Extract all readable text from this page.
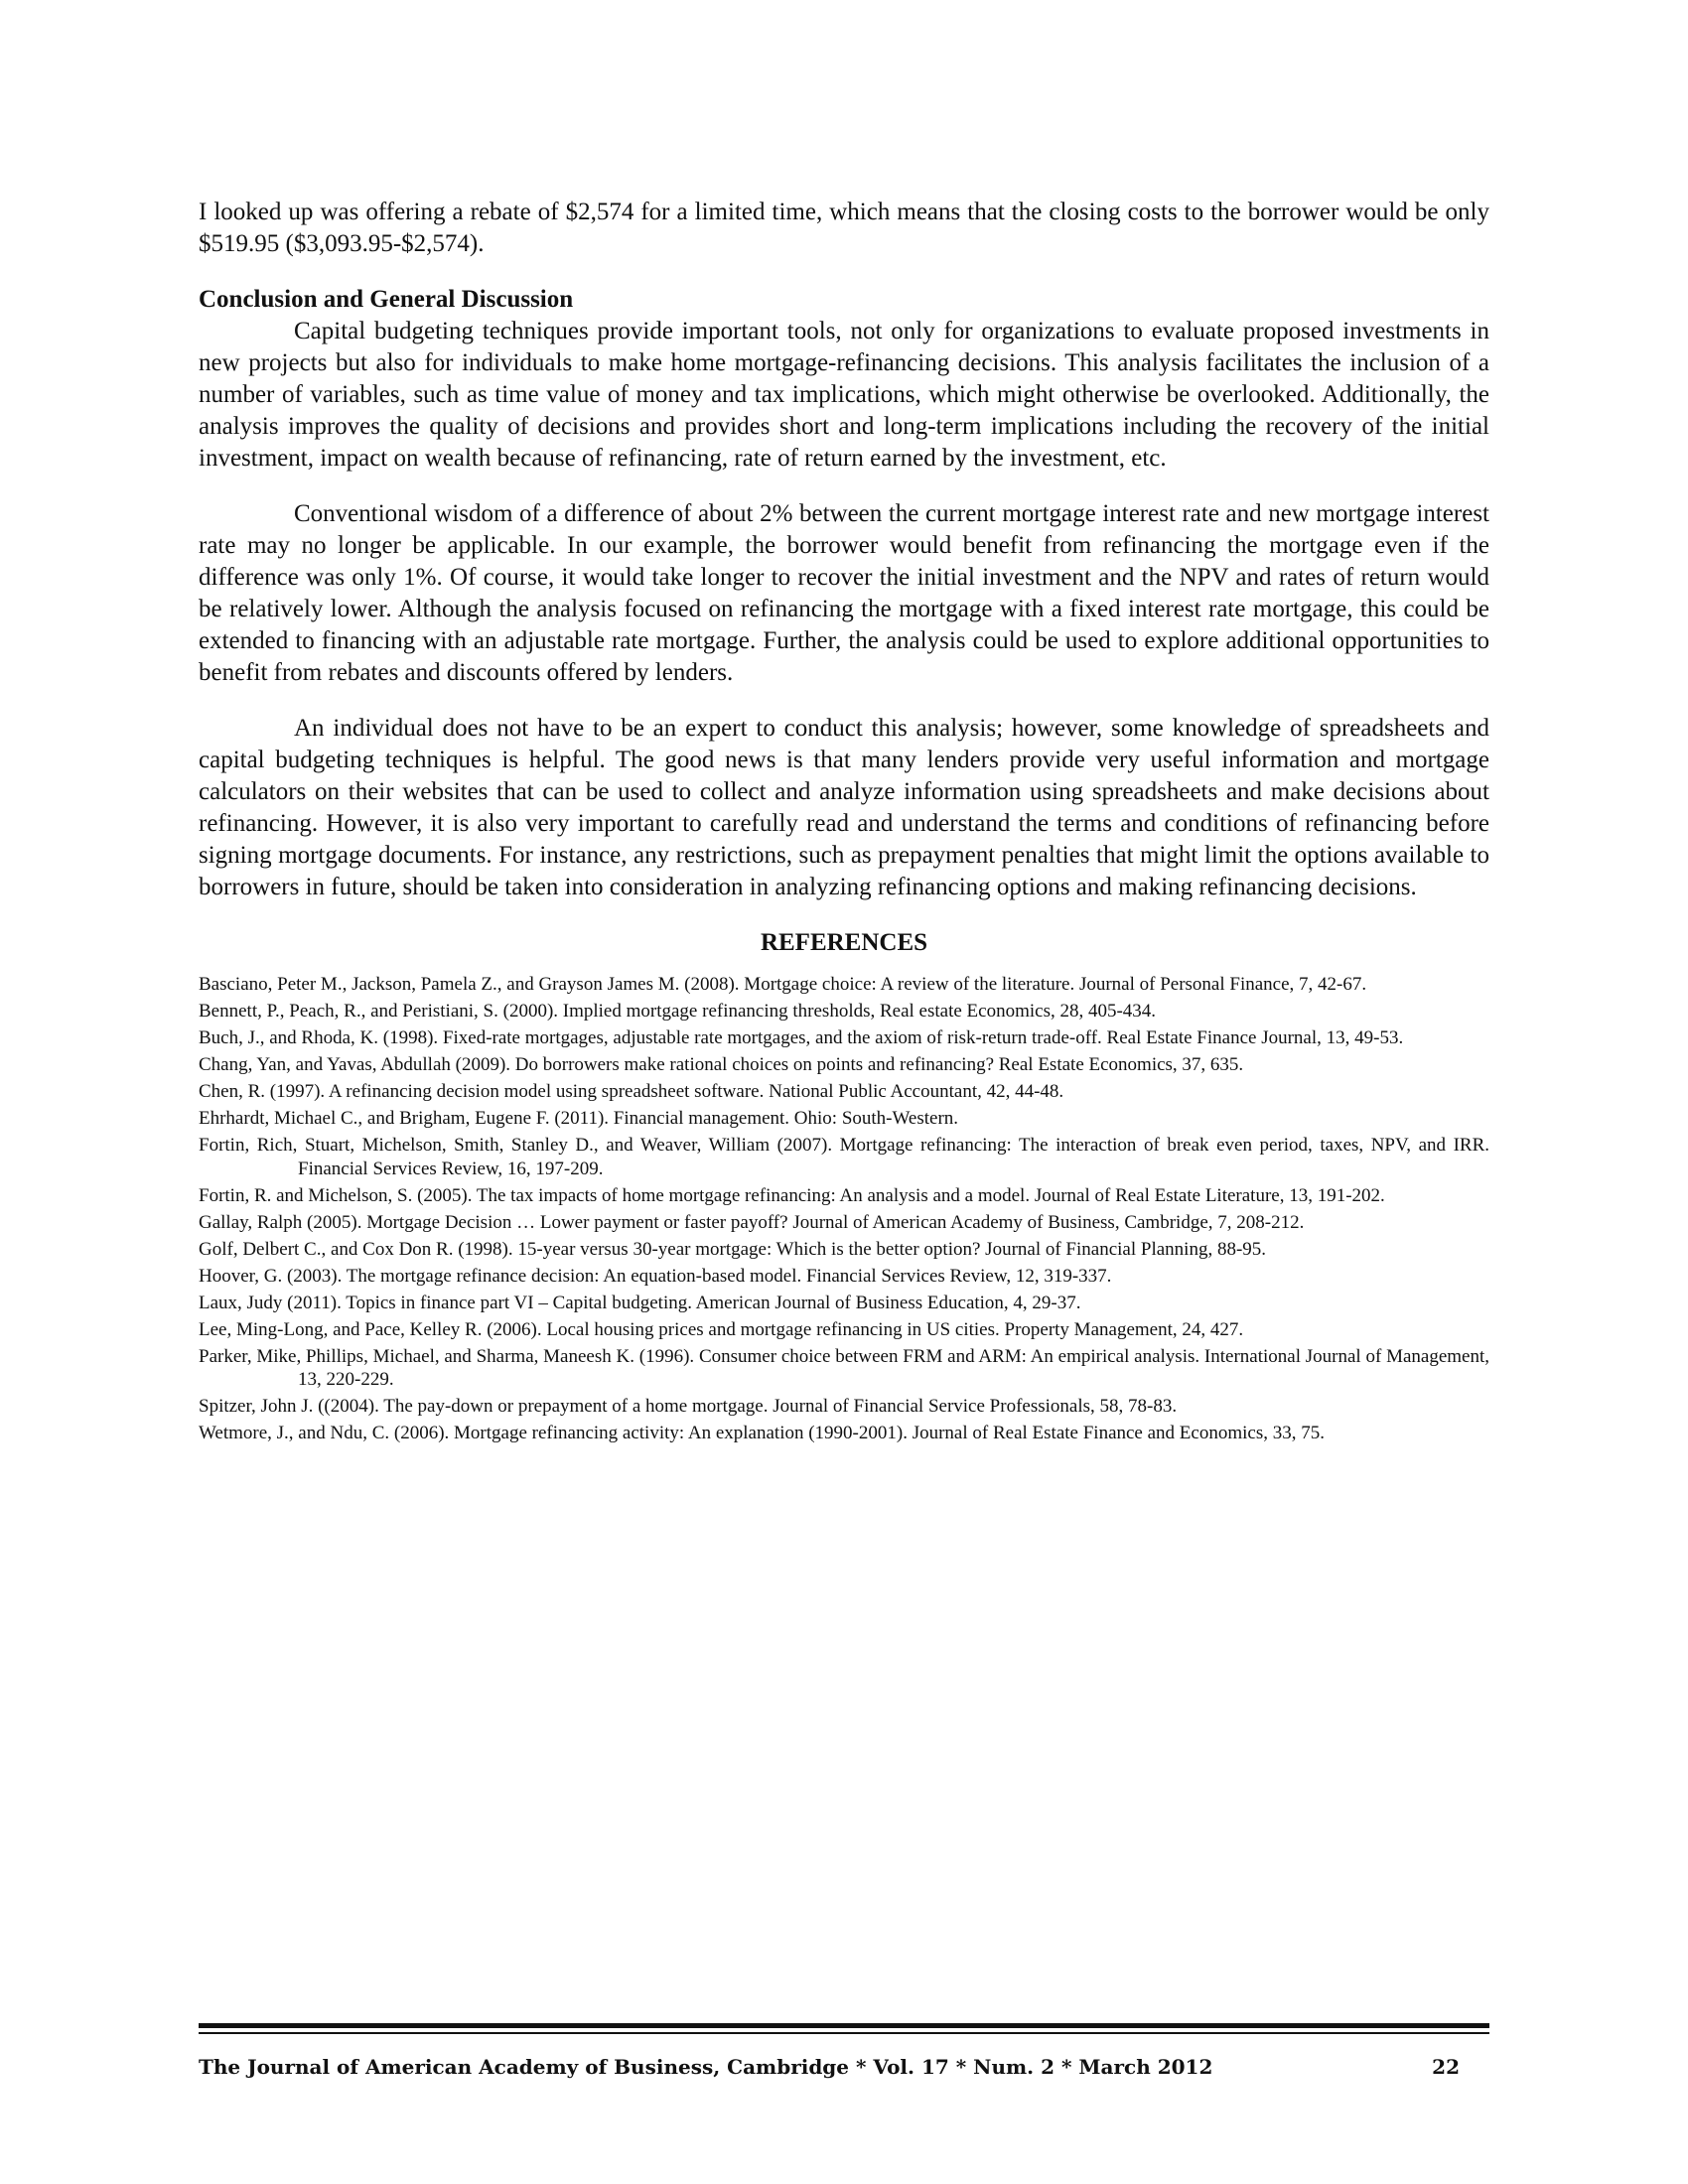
I looked up was offering a rebate of $2,574 for a limited time, which means that the closing costs to the borrower would be only $519.95 ($3,093.95-$2,574).

Conclusion and General Discussion

Capital budgeting techniques provide important tools, not only for organizations to evaluate proposed investments in new projects but also for individuals to make home mortgage-refinancing decisions. This analysis facilitates the inclusion of a number of variables, such as time value of money and tax implications, which might otherwise be overlooked. Additionally, the analysis improves the quality of decisions and provides short and long-term implications including the recovery of the initial investment, impact on wealth because of refinancing, rate of return earned by the investment, etc.

Conventional wisdom of a difference of about 2% between the current mortgage interest rate and new mortgage interest rate may no longer be applicable. In our example, the borrower would benefit from refinancing the mortgage even if the difference was only 1%. Of course, it would take longer to recover the initial investment and the NPV and rates of return would be relatively lower. Although the analysis focused on refinancing the mortgage with a fixed interest rate mortgage, this could be extended to financing with an adjustable rate mortgage. Further, the analysis could be used to explore additional opportunities to benefit from rebates and discounts offered by lenders.

An individual does not have to be an expert to conduct this analysis; however, some knowledge of spreadsheets and capital budgeting techniques is helpful. The good news is that many lenders provide very useful information and mortgage calculators on their websites that can be used to collect and analyze information using spreadsheets and make decisions about refinancing. However, it is also very important to carefully read and understand the terms and conditions of refinancing before signing mortgage documents. For instance, any restrictions, such as prepayment penalties that might limit the options available to borrowers in future, should be taken into consideration in analyzing refinancing options and making refinancing decisions.

REFERENCES
Basciano, Peter M., Jackson, Pamela Z., and Grayson James M. (2008). Mortgage choice: A review of the literature. Journal of Personal Finance, 7, 42-67.
Bennett, P., Peach, R., and Peristiani, S. (2000). Implied mortgage refinancing thresholds, Real estate Economics, 28, 405-434.
Buch, J., and Rhoda, K. (1998). Fixed-rate mortgages, adjustable rate mortgages, and the axiom of risk-return trade-off. Real Estate Finance Journal, 13, 49-53.
Chang, Yan, and Yavas, Abdullah (2009). Do borrowers make rational choices on points and refinancing? Real Estate Economics, 37, 635.
Chen, R. (1997). A refinancing decision model using spreadsheet software. National Public Accountant, 42, 44-48.
Ehrhardt, Michael C., and Brigham, Eugene F. (2011). Financial management. Ohio: South-Western.
Fortin, Rich, Stuart, Michelson, Smith, Stanley D., and Weaver, William (2007). Mortgage refinancing: The interaction of break even period, taxes, NPV, and IRR. Financial Services Review, 16, 197-209.
Fortin, R. and Michelson, S. (2005). The tax impacts of home mortgage refinancing: An analysis and a model. Journal of Real Estate Literature, 13, 191-202.
Gallay, Ralph (2005). Mortgage Decision … Lower payment or faster payoff? Journal of American Academy of Business, Cambridge, 7, 208-212.
Golf, Delbert C., and Cox Don R. (1998). 15-year versus 30-year mortgage: Which is the better option? Journal of Financial Planning, 88-95.
Hoover, G. (2003). The mortgage refinance decision: An equation-based model. Financial Services Review, 12, 319-337.
Laux, Judy (2011). Topics in finance part VI – Capital budgeting. American Journal of Business Education, 4, 29-37.
Lee, Ming-Long, and Pace, Kelley R. (2006). Local housing prices and mortgage refinancing in US cities. Property Management, 24, 427.
Parker, Mike, Phillips, Michael, and Sharma, Maneesh K. (1996). Consumer choice between FRM and ARM: An empirical analysis. International Journal of Management, 13, 220-229.
Spitzer, John J. ((2004). The pay-down or prepayment of a home mortgage. Journal of Financial Service Professionals, 58, 78-83.
Wetmore, J., and Ndu, C. (2006). Mortgage refinancing activity: An explanation (1990-2001). Journal of Real Estate Finance and Economics, 33, 75.
The Journal of American Academy of Business, Cambridge * Vol. 17 * Num. 2 * March 2012	22
